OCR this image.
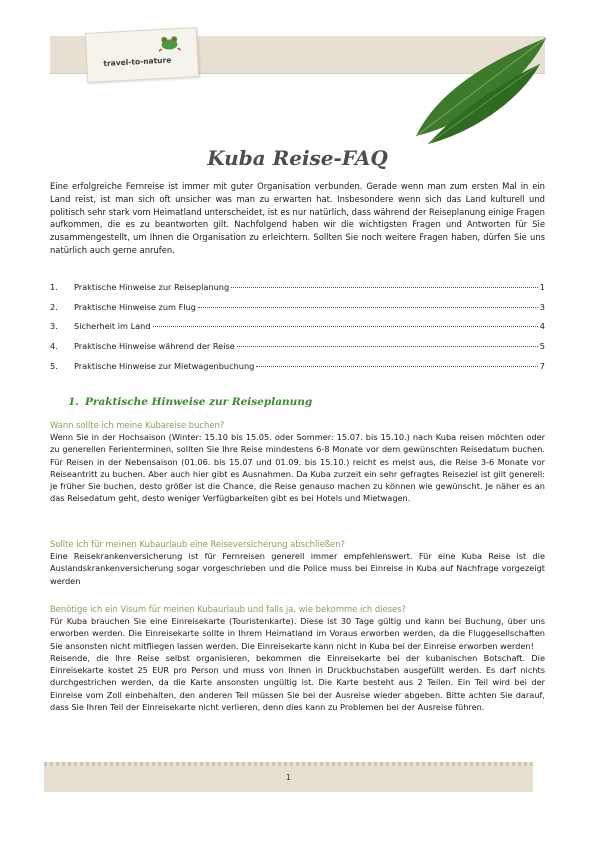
travel-to-nature
Kuba Reise-FAQ

Eine erfolgreiche Fernreise ist immer mit guter Organisation verbunden. Gerade wenn man zum ersten Mal in ein Land reist, ist man sich oft unsicher was man zu erwarten hat. Insbesondere wenn sich das Land kulturell und politisch sehr stark vom Heimatland unterscheidet, ist es nur natürlich, dass während der Reiseplanung einige Fragen aufkommen, die es zu beantworten gilt. Nachfolgend haben wir die wichtigsten Fragen und Antworten für Sie zusammengestellt, um Ihnen die Organisation zu erleichtern. Sollten Sie noch weitere Fragen haben, dürfen Sie uns natürlich auch gerne anrufen.

1.	Praktische Hinweise zur Reiseplanung	1
2.	Praktische Hinweise zum Flug	3
3.	Sicherheit im Land	4
4.	Praktische Hinweise während der Reise	5
5.	Praktische Hinweise zur Mietwagenbuchung	7
1. Praktische Hinweise zur Reiseplanung
Wann sollte ich meine Kubareise buchen?
Wenn Sie in der Hochsaison (Winter: 15.10 bis 15.05. oder Sommer: 15.07. bis 15.10.) nach Kuba reisen möchten oder zu generellen Ferienterminen, sollten Sie Ihre Reise mindestens 6-8 Monate vor dem gewünschten Reisedatum buchen. Für Reisen in der Nebensaison (01.06. bis 15.07 und 01.09. bis 15.10.) reicht es meist aus, die Reise 3-6 Monate vor Reiseantritt zu buchen. Aber auch hier gibt es Ausnahmen. Da Kuba zurzeit ein sehr gefragtes Reiseziel ist gilt generell: je früher Sie buchen, desto größer ist die Chance, die Reise genauso machen zu können wie gewünscht. Je näher es an das Reisedatum geht, desto weniger Verfügbarkeiten gibt es bei Hotels und Mietwagen.
Sollte ich für meinen Kubaurlaub eine Reiseversicherung abschließen?
Eine Reisekrankenversicherung ist für Fernreisen generell immer empfehlenswert. Für eine Kuba Reise ist die Auslandskrankenversicherung sogar vorgeschrieben und die Police muss bei Einreise in Kuba auf Nachfrage vorgezeigt werden
Benötige ich ein Visum für meinen Kubaurlaub und falls ja, wie bekomme ich dieses?
Für Kuba brauchen Sie eine Einreisekarte (Touristenkarte). Diese ist 30 Tage gültig und kann bei Buchung, über uns erworben werden. Die Einreisekarte sollte in Ihrem Heimatland im Voraus erworben werden, da die Fluggesellschaften Sie ansonsten nicht mitfliegen lassen werden. Die Einreisekarte kann nicht in Kuba bei der Einreise erworben werden!
Reisende, die Ihre Reise selbst organisieren, bekommen die Einreisekarte bei der kubanischen Botschaft. Die Einreisekarte kostet 25 EUR pro Person und muss von Ihnen in Druckbuchstaben ausgefüllt werden. Es darf nichts durchgestrichen werden, da die Karte ansonsten ungültig ist. Die Karte besteht aus 2 Teilen. Ein Teil wird bei der Einreise vom Zoll einbehalten, den anderen Teil müssen Sie bei der Ausreise wieder abgeben. Bitte achten Sie darauf, dass Sie Ihren Teil der Einreisekarte nicht verlieren, denn dies kann zu Problemen bei der Ausreise führen.
1
